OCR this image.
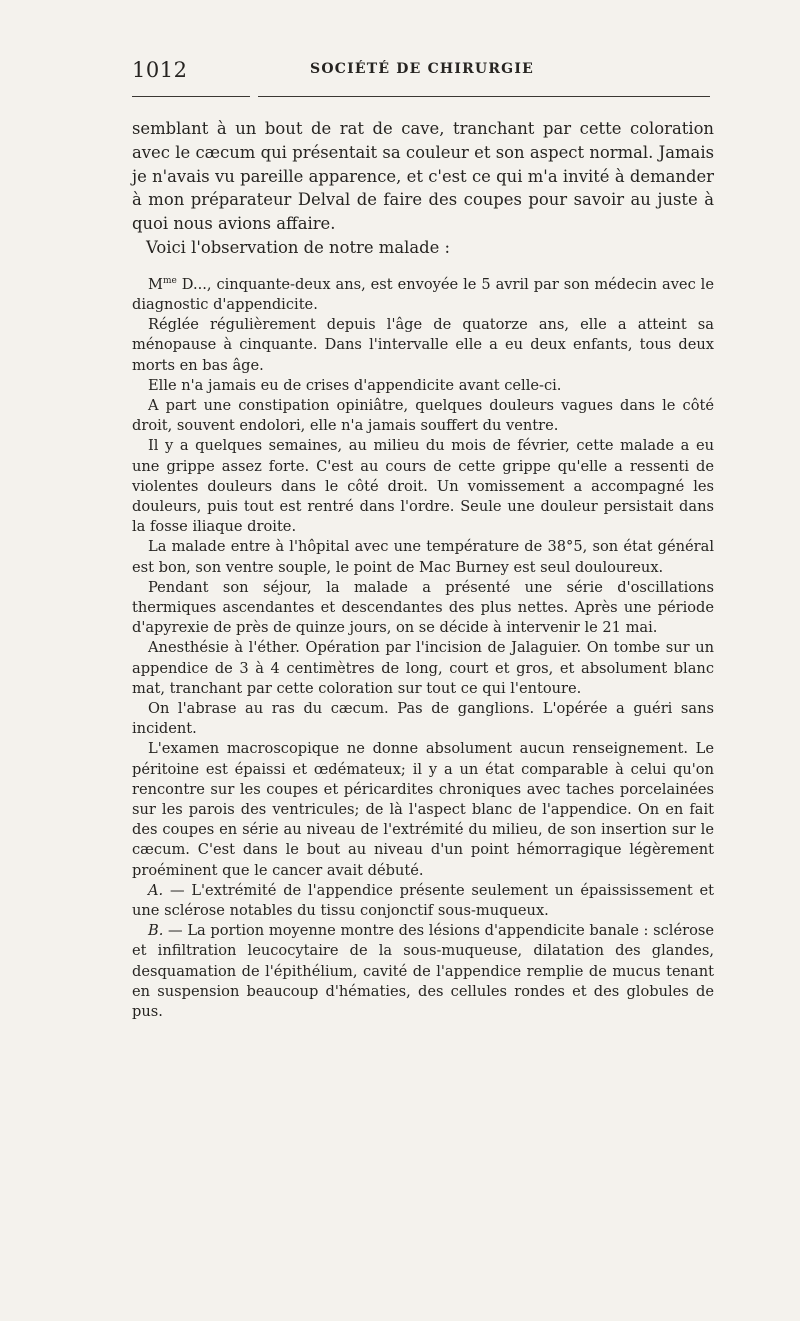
1012	SOCIÉTÉ DE CHIRURGIE

semblant à un bout de rat de cave, tranchant par cette coloration avec le cæcum qui présentait sa couleur et son aspect normal. Jamais je n'avais vu pareille apparence, et c'est ce qui m'a invité à demander à mon préparateur Delval de faire des coupes pour savoir au juste à quoi nous avions affaire.

Voici l'observation de notre malade :

$M^{me}$ D..., cinquante-deux ans, est envoyée le 5 avril par son médecin avec le diagnostic d'appendicite.

Réglée régulièrement depuis l'âge de quatorze ans, elle a atteint sa ménopause à cinquante. Dans l'intervalle elle a eu deux enfants, tous deux morts en bas âge.

Elle n'a jamais eu de crises d'appendicite avant celle-ci.

A part une constipation opiniâtre, quelques douleurs vagues dans le côté droit, souvent endolori, elle n'a jamais souffert du ventre.

Il y a quelques semaines, au milieu du mois de février, cette malade a eu une grippe assez forte. C'est au cours de cette grippe qu'elle a ressenti de violentes douleurs dans le côté droit. Un vomissement a accompagné les douleurs, puis tout est rentré dans l'ordre. Seule une douleur persistait dans la fosse iliaque droite.

La malade entre à l'hôpital avec une température de 38°5, son état général est bon, son ventre souple, le point de Mac Burney est seul douloureux.

Pendant son séjour, la malade a présenté une série d'oscillations thermiques ascendantes et descendantes des plus nettes. Après une période d'apyrexie de près de quinze jours, on se décide à intervenir le 21 mai.

Anesthésie à l'éther. Opération par l'incision de Jalaguier. On tombe sur un appendice de 3 à 4 centimètres de long, court et gros, et absolument blanc mat, tranchant par cette coloration sur tout ce qui l'entoure.

On l'abrase au ras du cæcum. Pas de ganglions. L'opérée a guéri sans incident.

L'examen macroscopique ne donne absolument aucun renseignement. Le péritoine est épaissi et œdémateux; il y a un état comparable à celui qu'on rencontre sur les coupes et péricardites chroniques avec taches porcelainées sur les parois des ventricules; de là l'aspect blanc de l'appendice. On en fait des coupes en série au niveau de l'extrémité du milieu, de son insertion sur le cæcum. C'est dans le bout au niveau d'un point hémorragique légèrement proéminent que le cancer avait débuté.

A. — L'extrémité de l'appendice présente seulement un épaississement et une sclérose notables du tissu conjonctif sous-muqueux.

B. — La portion moyenne montre des lésions d'appendicite banale : sclérose et infiltration leucocytaire de la sous-muqueuse, dilatation des glandes, desquamation de l'épithélium, cavité de l'appendice remplie de mucus tenant en suspension beaucoup d'hématies, des cellules rondes et des globules de pus.
